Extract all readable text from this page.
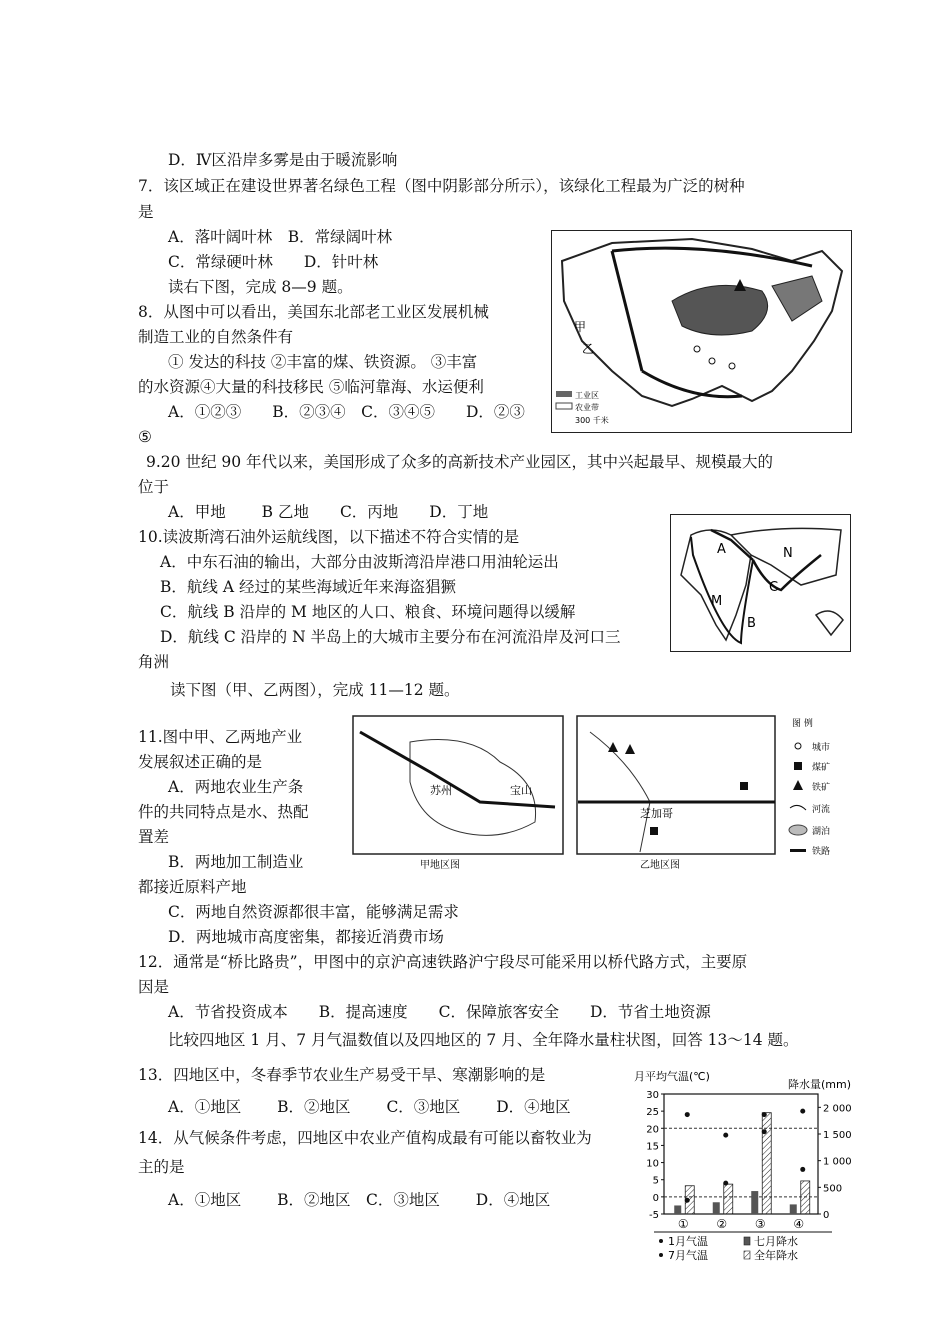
D．Ⅳ区沿岸多雾是由于暖流影响
7．该区域正在建设世界著名绿色工程（图中阴影部分所示），该绿化工程最为广泛的树种
是
A．落叶阔叶林　B．常绿阔叶林
C．常绿硬叶林　　D．针叶林
读右下图，完成 8—9 题。
8．从图中可以看出，美国东北部老工业区发展机械
制造工业的自然条件有
① 发达的科技 ②丰富的煤、铁资源。 ③丰富
的水资源④大量的科技移民 ⑤临河靠海、水运便利
A．①②③　　B．②③④　C．③④⑤　　D．②③
⑤
9.20 世纪 90 年代以来，美国形成了众多的高新技术产业园区，其中兴起最早、规模最大的
位于
A．甲地　　 B 乙地　　C．丙地　　D．丁地
10.读波斯湾石油外运航线图，以下描述不符合实情的是
A．中东石油的输出，大部分由波斯湾沿岸港口用油轮运出
B．航线 A 经过的某些海域近年来海盗猖獗
C．航线 B 沿岸的 M 地区的人口、粮食、环境问题得以缓解
D．航线 C 沿岸的 N 半岛上的大城市主要分布在河流沿岸及河口三
角洲
读下图（甲、乙两图），完成 11—12 题。
11.图中甲、乙两地产业
发展叙述正确的是
A．两地农业生产条
件的共同特点是水、热配
置差
B．两地加工制造业
都接近原料产地
C．两地自然资源都很丰富，能够满足需求
D．两地城市高度密集，都接近消费市场
12．通常是“桥比路贵”，甲图中的京沪高速铁路沪宁段尽可能采用以桥代路方式，主要原
因是
A．节省投资成本　　B．提高速度　　C．保障旅客安全　　D．节省土地资源
比较四地区 1 月、7 月气温数值以及四地区的 7 月、全年降水量柱状图，回答 13～14 题。
13．四地区中，冬春季节农业生产易受干旱、寒潮影响的是
A．①地区　　 B．②地区　　 C．③地区　　 D．④地区
14．从气候条件考虑，四地区中农业产值构成最有可能以畜牧业为
主的是
A．①地区　　 B．②地区　C．③地区　　 D．④地区
甲
乙
工业区
农业带
300 千米
A
M
B
C
N
苏州	宝山
芝加哥
甲地区图	乙地区图
图 例
城市
煤矿
铁矿
河流
湖泊
铁路
月平均气温(℃)
降水量(mm)
30
25
20
15
10
5
0
-5
2 000
1 500
1 000
500
0
① ② ③ ④
1月气温	七月降水
7月气温	全年降水
